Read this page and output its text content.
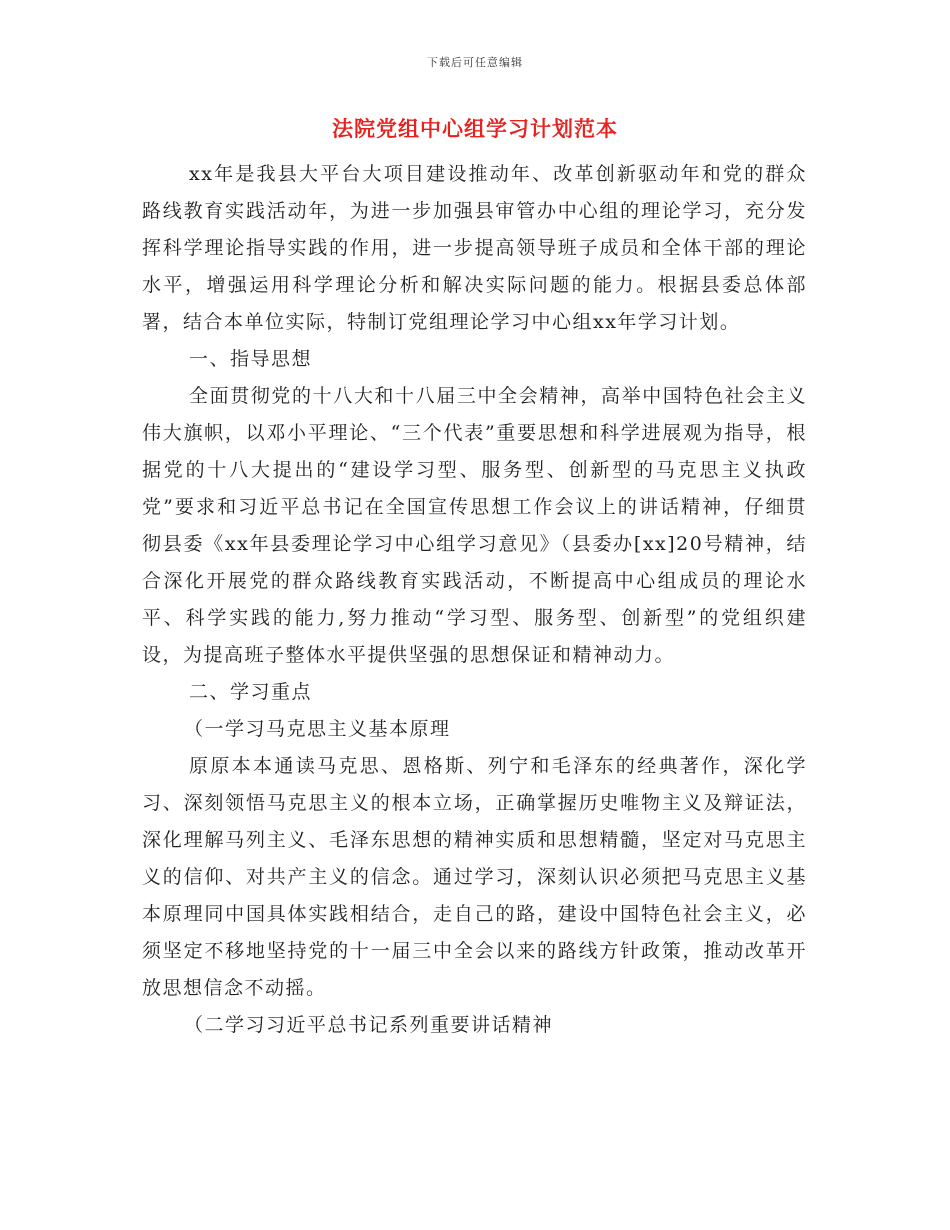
下载后可任意编辑
法院党组中心组学习计划范本

xx年是我县大平台大项目建设推动年、改革创新驱动年和党的群众路线教育实践活动年，为进一步加强县审管办中心组的理论学习，充分发挥科学理论指导实践的作用，进一步提高领导班子成员和全体干部的理论水平，增强运用科学理论分析和解决实际问题的能力。根据县委总体部署，结合本单位实际，特制订党组理论学习中心组xx年学习计划。

一、指导思想

全面贯彻党的十八大和十八届三中全会精神，高举中国特色社会主义伟大旗帜，以邓小平理论、“三个代表”重要思想和科学进展观为指导，根据党的十八大提出的“建设学习型、服务型、创新型的马克思主义执政党”要求和习近平总书记在全国宣传思想工作会议上的讲话精神，仔细贯彻县委《xx年县委理论学习中心组学习意见》（县委办[xx]20号精神，结合深化开展党的群众路线教育实践活动，不断提高中心组成员的理论水平、科学实践的能力,努力推动“学习型、服务型、创新型”的党组织建设，为提高班子整体水平提供坚强的思想保证和精神动力。

二、学习重点

（一学习马克思主义基本原理

原原本本通读马克思、恩格斯、列宁和毛泽东的经典著作，深化学习、深刻领悟马克思主义的根本立场，正确掌握历史唯物主义及辩证法，深化理解马列主义、毛泽东思想的精神实质和思想精髓，坚定对马克思主义的信仰、对共产主义的信念。通过学习，深刻认识必须把马克思主义基本原理同中国具体实践相结合，走自己的路，建设中国特色社会主义，必须坚定不移地坚持党的十一届三中全会以来的路线方针政策，推动改革开放思想信念不动摇。

（二学习习近平总书记系列重要讲话精神
